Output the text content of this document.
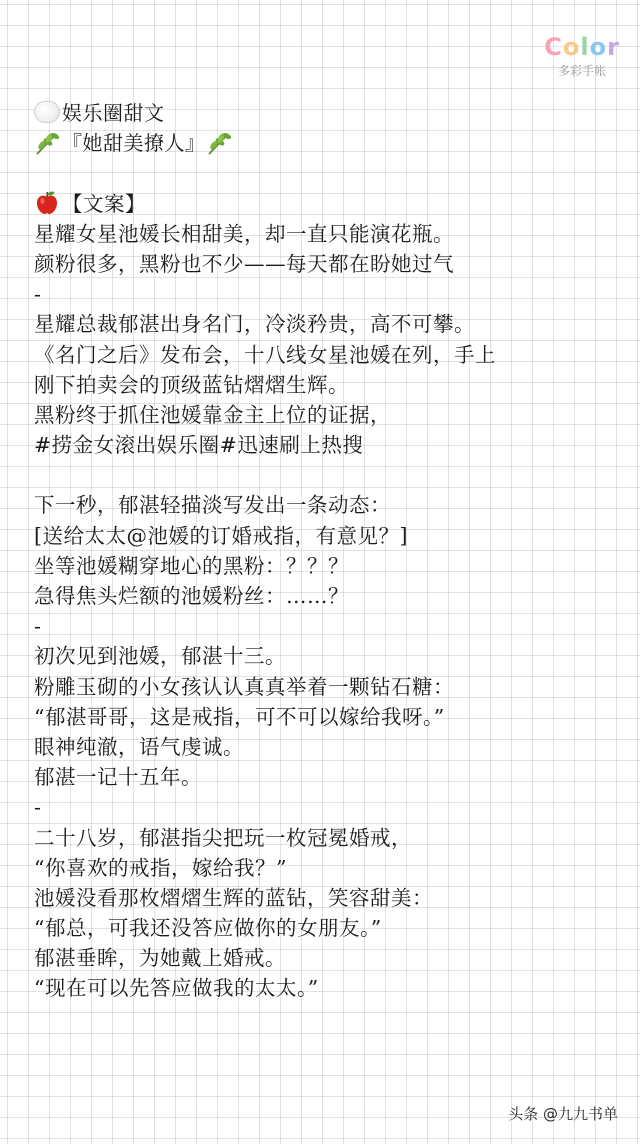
Color
多彩手帐
娱乐圈甜文
『她甜美撩人』
【文案】
星耀女星池媛长相甜美，却一直只能演花瓶。
颜粉很多，黑粉也不少——每天都在盼她过气
-
星耀总裁郁湛出身名门，冷淡矜贵，高不可攀。
《名门之后》发布会，十八线女星池媛在列，手上
刚下拍卖会的顶级蓝钻熠熠生辉。
黑粉终于抓住池媛靠金主上位的证据，
#捞金女滚出娱乐圈#迅速刷上热搜
下一秒，郁湛轻描淡写发出一条动态：
[送给太太@池媛的订婚戒指，有意见？]
坐等池媛糊穿地心的黑粉：？？？
急得焦头烂额的池媛粉丝：……？
-
初次见到池媛，郁湛十三。
粉雕玉砌的小女孩认认真真举着一颗钻石糖：
“郁湛哥哥，这是戒指，可不可以嫁给我呀。”
眼神纯澈，语气虔诚。
郁湛一记十五年。
-
二十八岁，郁湛指尖把玩一枚冠冕婚戒，
“你喜欢的戒指，嫁给我？”
池媛没看那枚熠熠生辉的蓝钻，笑容甜美：
“郁总，可我还没答应做你的女朋友。”
郁湛垂眸，为她戴上婚戒。
“现在可以先答应做我的太太。”
头条 @九九书单
